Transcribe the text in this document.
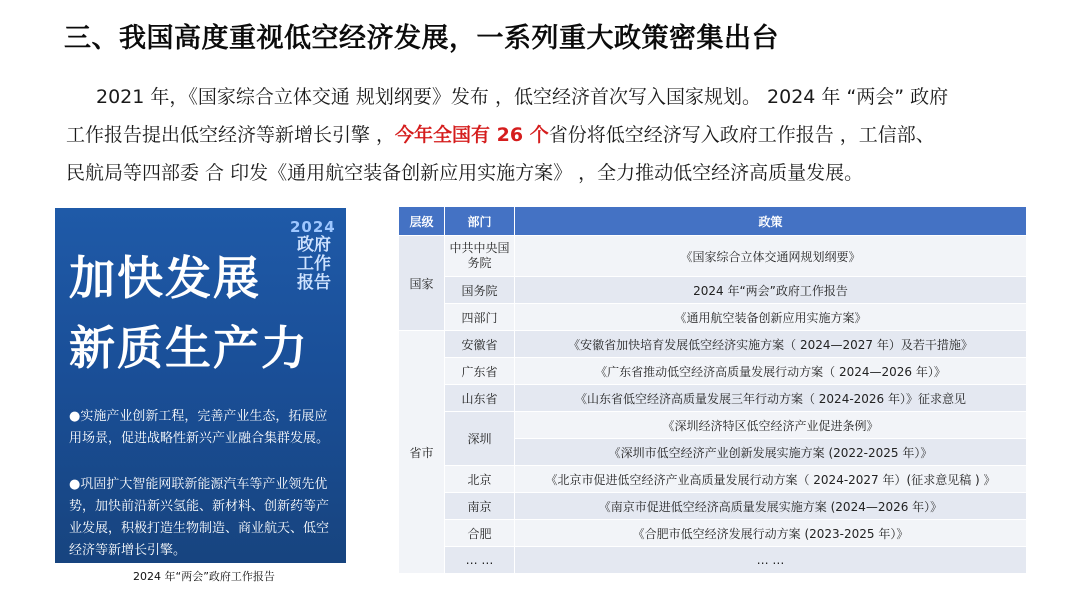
三、我国高度重视低空经济发展，一系列重大政策密集出台
2021 年，《国家综合立体交通 规划纲要》发布 ，低空经济首次写入国家规划。 2024 年 “两会” 政府
工作报告提出低空经济等新增长引擎 ，今年全国有 26 个省份将低空经济写入政府工作报告 ，工信部、
民航局等四部委 合 印发《通用航空装备创新应用实施方案》 ，全力推动低空经济高质量发展。
2024
政府工作报告
加快发展
新质生产力
●实施产业创新工程，完善产业生态，拓展应用场景，促进战略性新兴产业融合集群发展。
●巩固扩大智能网联新能源汽车等产业领先优势，加快前沿新兴氢能、新材料、创新药等产业发展，积极打造生物制造、商业航天、低空经济等新增长引擎。
2024 年“两会”政府工作报告
层级	部门	政策
国家	中共中央国务院	《国家综合立体交通网规划纲要》
	国务院	2024 年“两会”政府工作报告
	四部门	《通用航空装备创新应用实施方案》
省市	安徽省	《安徽省加快培育发展低空经济实施方案（ 2024—2027 年）及若干措施》
	广东省	《广东省推动低空经济高质量发展行动方案（ 2024—2026 年）》
	山东省	《山东省低空经济高质量发展三年行动方案（ 2024-2026 年）》征求意见
	深圳	《深圳经济特区低空经济产业促进条例》
		《深圳市低空经济产业创新发展实施方案 (2022-2025 年）》
	北京	《北京市促进低空经济产业高质量发展行动方案（ 2024-2027 年）(征求意见稿 ) 》
	南京	《南京市促进低空经济高质量发展实施方案 (2024—2026 年）》
	合肥	《合肥市低空经济发展行动方案 (2023-2025 年）》
	… …	… …
